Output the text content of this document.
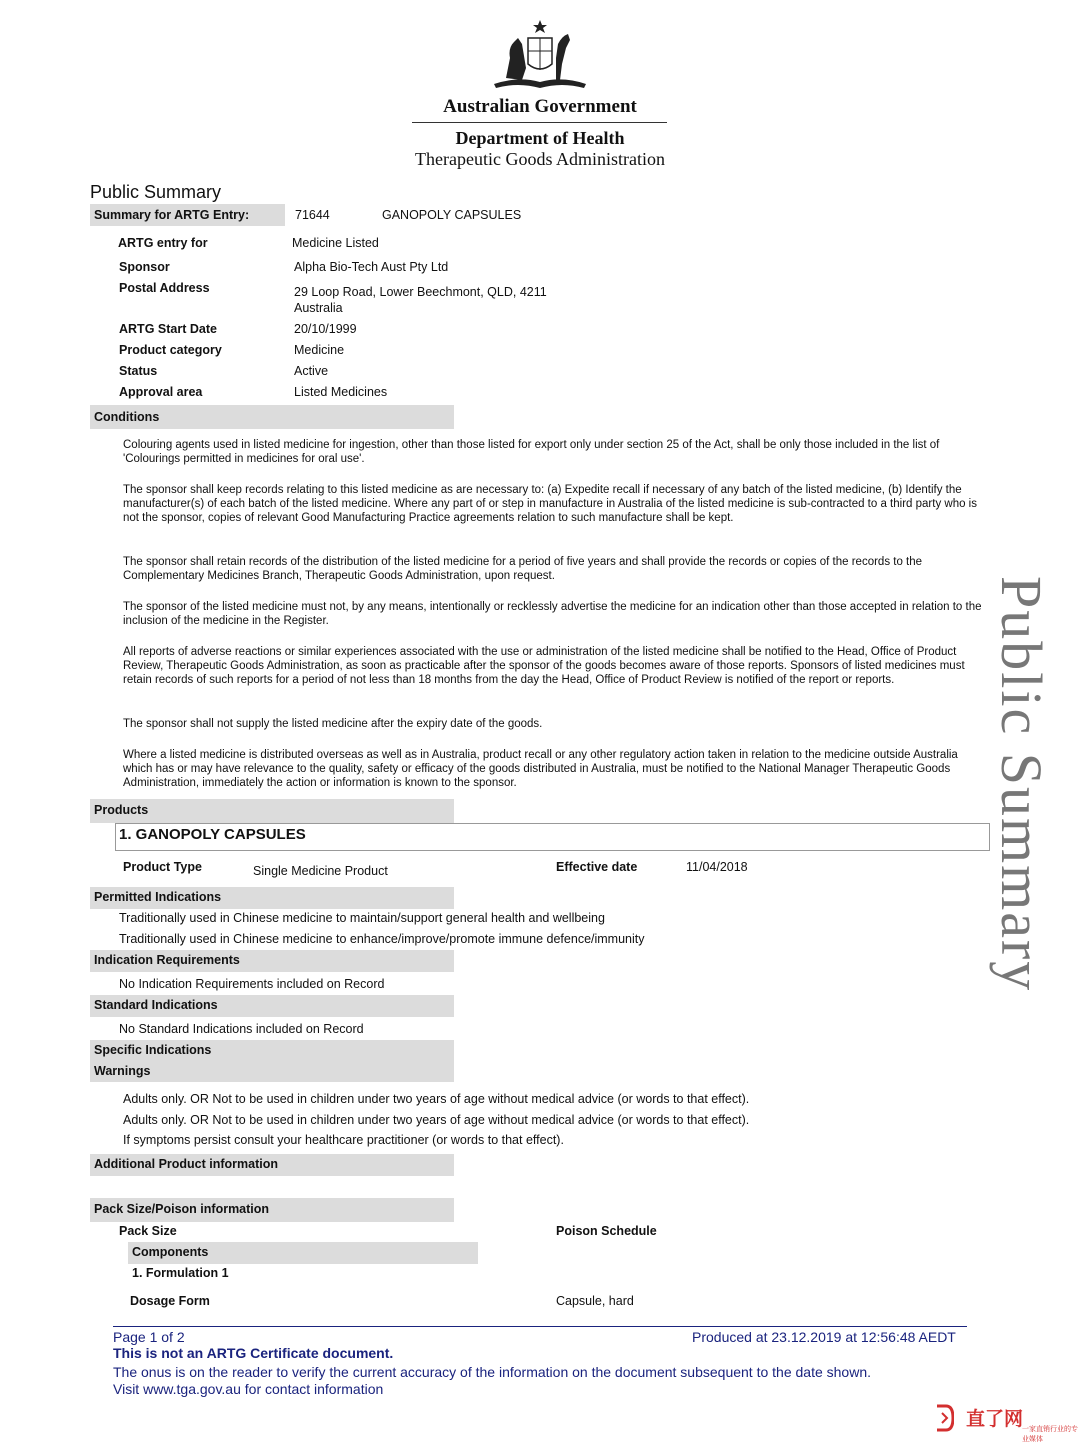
Australian Government
Department of Health
Therapeutic Goods Administration
Public Summary
Summary for ARTG Entry:	71644	GANOPOLY CAPSULES
ARTG entry for	Medicine Listed
Sponsor	Alpha Bio-Tech Aust Pty Ltd
Postal Address	29 Loop Road, Lower Beechmont, QLD, 4211
Australia
ARTG Start Date	20/10/1999
Product category	Medicine
Status	Active
Approval area	Listed Medicines
Conditions
Colouring agents used in listed medicine for ingestion, other than those listed for export only under section 25 of the Act, shall be only those included in the list of 'Colourings permitted in medicines for oral use'.
The sponsor shall keep records relating to this listed medicine as are necessary to: (a) Expedite recall if necessary of any batch of the listed medicine, (b) Identify the manufacturer(s) of each batch of the listed medicine. Where any part of or step in manufacture in Australia of the listed medicine is sub-contracted to a third party who is not the sponsor, copies of relevant Good Manufacturing Practice agreements relation to such manufacture shall be kept.
The sponsor shall retain records of the distribution of the listed medicine for a period of five years and shall provide the records or copies of the records to the Complementary Medicines Branch, Therapeutic Goods Administration, upon request.
The sponsor of the listed medicine must not, by any means, intentionally or recklessly advertise the medicine for an indication other than those accepted in relation to the inclusion of the medicine in the Register.
All reports of adverse reactions or similar experiences associated with the use or administration of the listed medicine shall be notified to the Head, Office of Product Review, Therapeutic Goods Administration, as soon as practicable after the sponsor of the goods becomes aware of those reports. Sponsors of listed medicines must retain records of such reports for a period of not less than 18 months from the day the Head, Office of Product Review is notified of the report or reports.
The sponsor shall not supply the listed medicine after the expiry date of the goods.
Where a listed medicine is distributed overseas as well as in Australia, product recall or any other regulatory action taken in relation to the medicine outside Australia which has or may have relevance to the quality, safety or efficacy of the goods distributed in Australia, must be notified to the National Manager Therapeutic Goods Administration, immediately the action or information is known to the sponsor.
Products
1. GANOPOLY CAPSULES
Product Type	Single Medicine Product	Effective date	11/04/2018
Permitted Indications
Traditionally used in Chinese medicine to maintain/support general health and wellbeing
Traditionally used in Chinese medicine to enhance/improve/promote immune defence/immunity
Indication Requirements
No Indication Requirements included on Record
Standard Indications
No Standard Indications included on Record
Specific Indications
Warnings
Adults only. OR Not to be used in children under two years of age without medical advice (or words to that effect).
Adults only. OR Not to be used in children under two years of age without medical advice (or words to that effect).
If symptoms persist consult your healthcare practitioner (or words to that effect).
Additional Product information
Pack Size/Poison information
Pack Size	Poison Schedule
Components
1. Formulation 1
Dosage Form	Capsule, hard
Public Summary
Page 1 of 2	Produced at 23.12.2019 at 12:56:48 AEDT
This is not an ARTG Certificate document.
The onus is on the reader to verify the current accuracy of the information on the document subsequent to the date shown.
Visit www.tga.gov.au for contact information
直了网
一家直销行业的专业媒体
